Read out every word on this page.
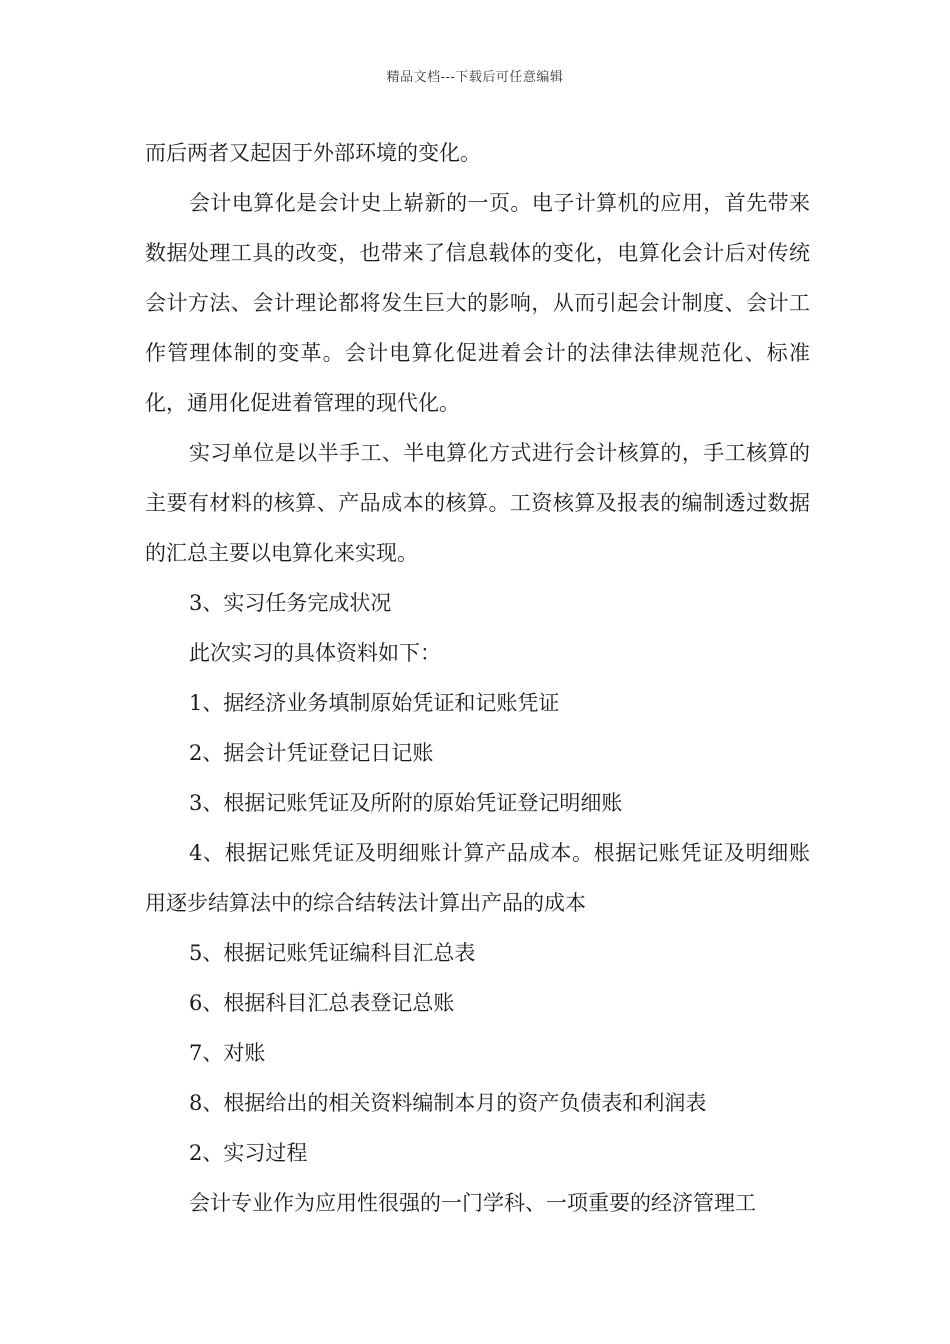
精品文档---下载后可任意编辑

而后两者又起因于外部环境的变化。

会计电算化是会计史上崭新的一页。电子计算机的应用，首先带来数据处理工具的改变，也带来了信息载体的变化，电算化会计后对传统会计方法、会计理论都将发生巨大的影响，从而引起会计制度、会计工作管理体制的变革。会计电算化促进着会计的法律法律规范化、标准化，通用化促进着管理的现代化。

实习单位是以半手工、半电算化方式进行会计核算的，手工核算的主要有材料的核算、产品成本的核算。工资核算及报表的编制透过数据的汇总主要以电算化来实现。

3、实习任务完成状况

此次实习的具体资料如下：

1、据经济业务填制原始凭证和记账凭证

2、据会计凭证登记日记账

3、根据记账凭证及所附的原始凭证登记明细账

4、根据记账凭证及明细账计算产品成本。根据记账凭证及明细账用逐步结算法中的综合结转法计算出产品的成本

5、根据记账凭证编科目汇总表

6、根据科目汇总表登记总账

7、对账

8、根据给出的相关资料编制本月的资产负债表和利润表

2、实习过程

会计专业作为应用性很强的一门学科、一项重要的经济管理工
